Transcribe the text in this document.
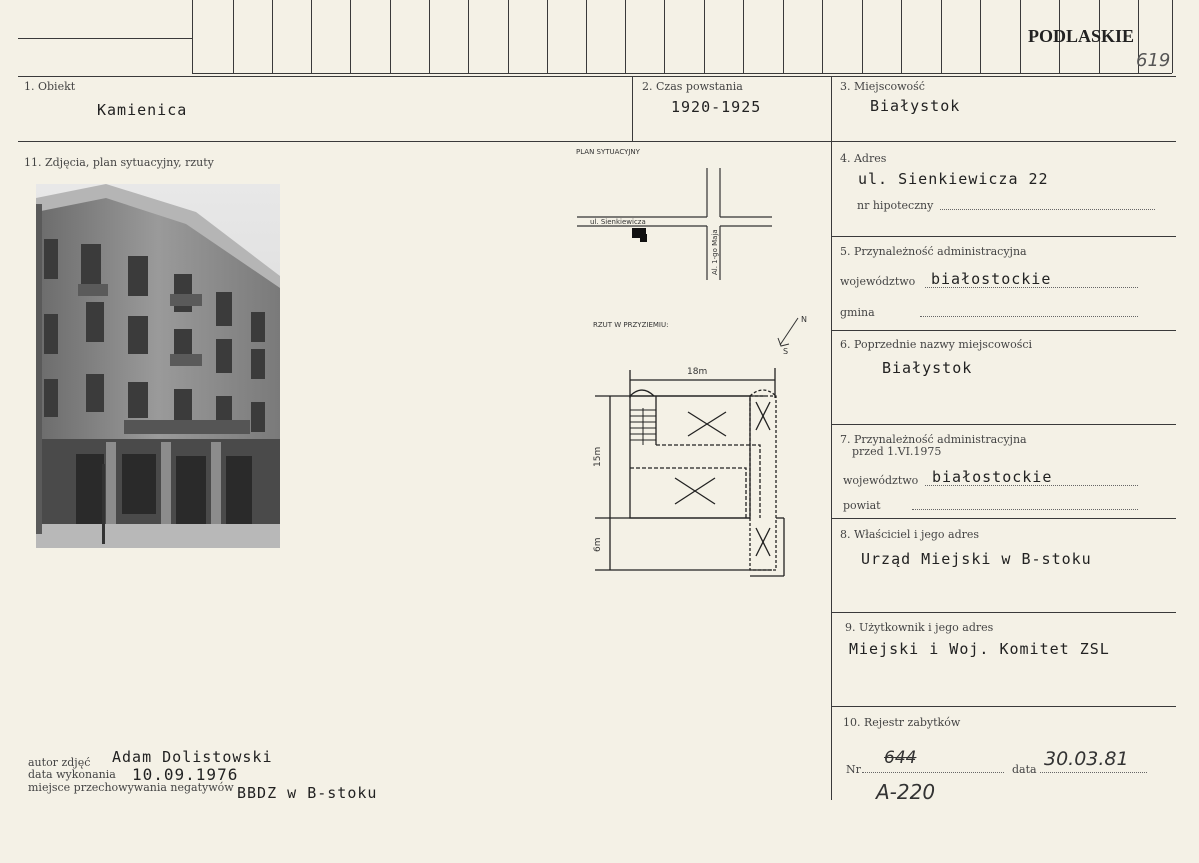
PODLASKIE
619
1. Obiekt
Kamienica
2. Czas powstania
1920-1925
3. Miejscowość
Białystok
4. Adres
ul. Sienkiewicza 22
nr hipoteczny
5. Przynależność administracyjna
województwo białostockie
gmina
6. Poprzednie nazwy miejscowości
Białystok
7. Przynależność administracyjna
przed 1.VI.1975
województwo białostockie
powiat
8. Właściciel i jego adres
Urząd Miejski w B-stoku
9. Użytkownik i jego adres
Miejski i Woj. Komitet ZSL
10. Rejestr zabytków
Nr
644
A-220
data 30.03.81
11. Zdjęcia, plan sytuacyjny, rzuty
autor zdjęć Adam Dolistowski
data wykonania 10.09.1976
miejsce przechowywania negatywów BBDZ w B-stoku
PLAN SYTUACYJNY
ul. Sienkiewicza
Al. 1-go Maja
RZUT W PRZYZIEMIU:
N
S
18m
15m
6m
